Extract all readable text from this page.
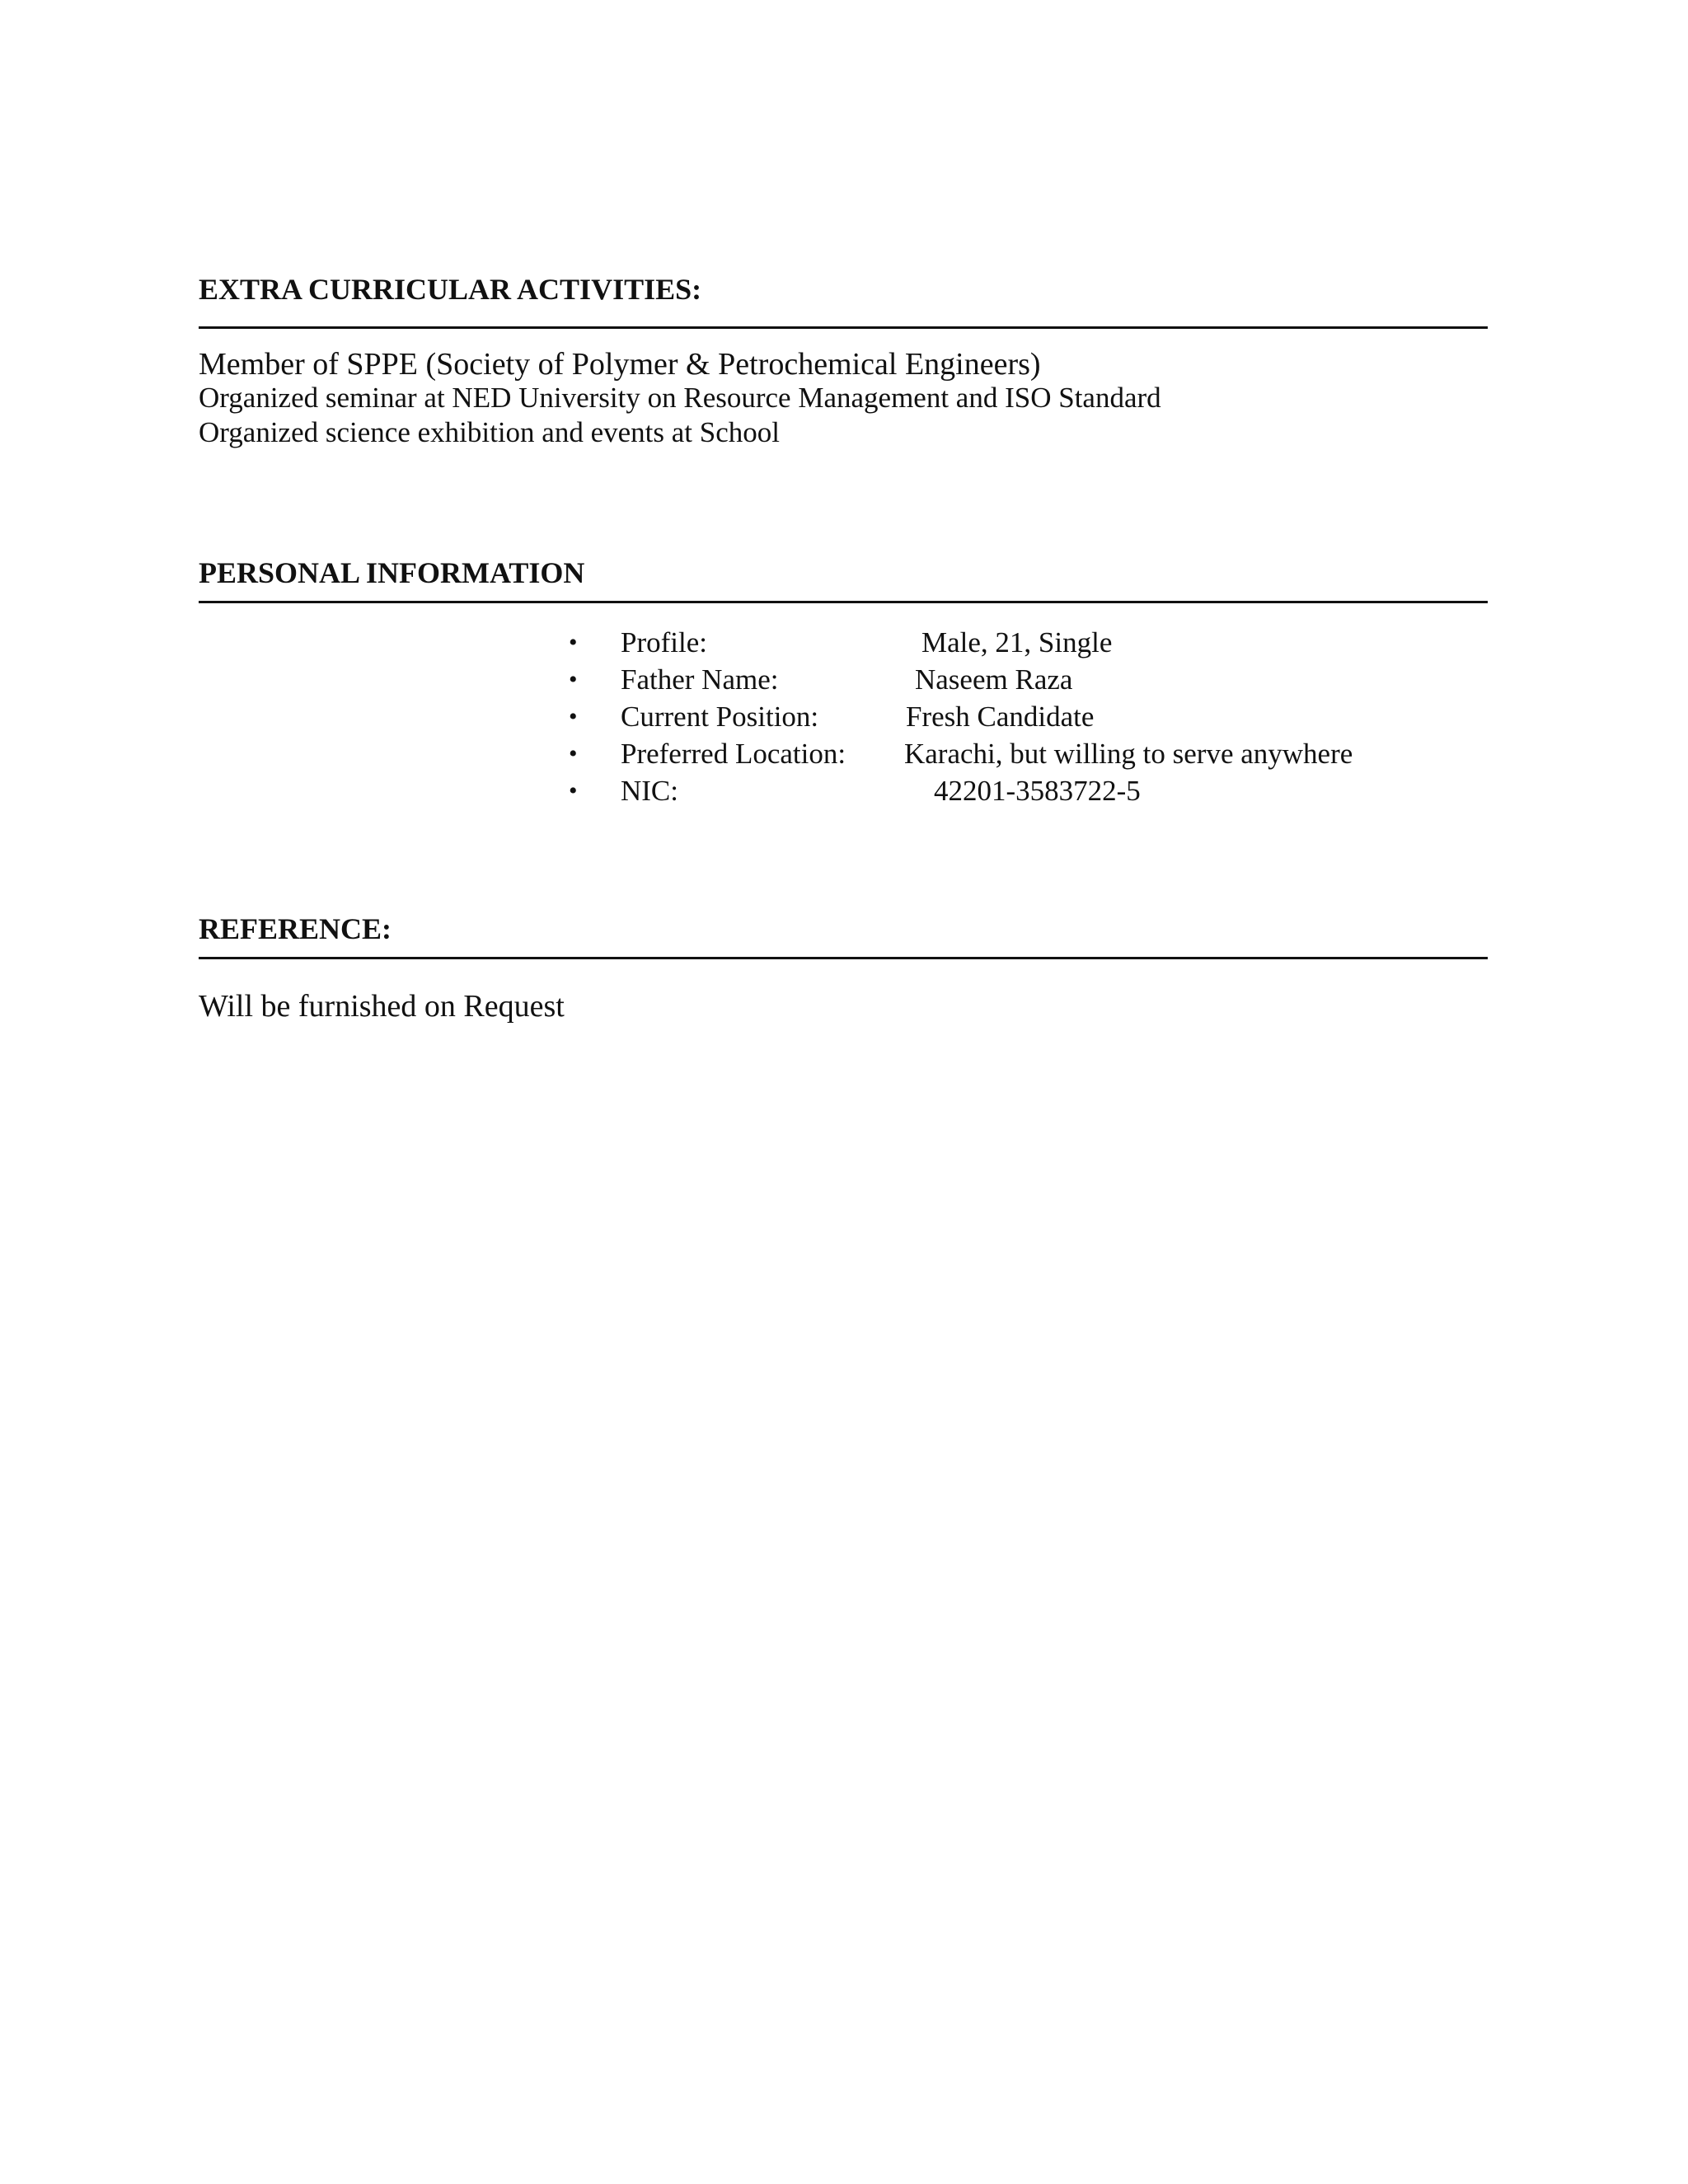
EXTRA CURRICULAR ACTIVITIES:

Member of SPPE (Society of Polymer & Petrochemical Engineers)

Organized seminar at NED University on Resource Management and ISO Standard

Organized science exhibition and events at School

PERSONAL INFORMATION
• Profile:	Male, 21, Single
• Father Name:	Naseem Raza
• Current Position:	Fresh Candidate
• Preferred Location: Karachi, but willing to serve anywhere
• NIC:	42201-3583722-5
REFERENCE:

Will be furnished on Request
